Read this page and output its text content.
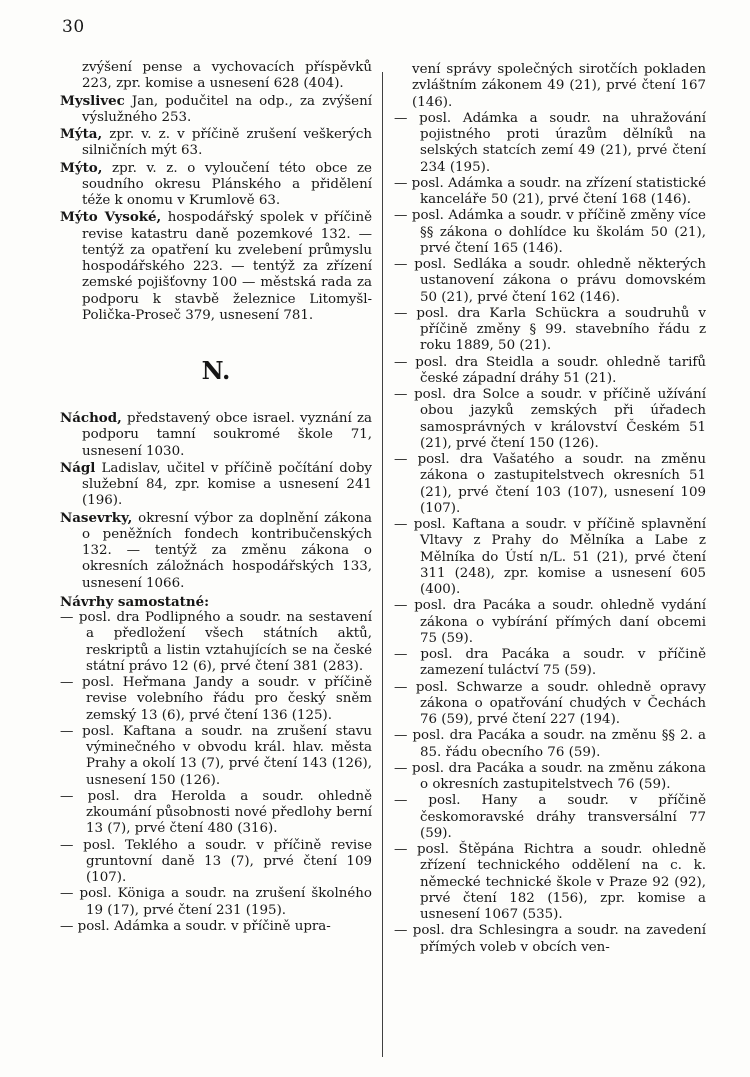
30

zvýšení pense a vychovacích příspěvků 223, zpr. komise a usnesení 628 (404).

Myslivec Jan, podučitel na odp., za zvýšení výslužného 253.

Mýta, zpr. v. z. v příčině zrušení veškerých silničních mýt 63.

Mýto, zpr. v. z. o vyloučení této obce ze soudního okresu Plánského a přidělení téže k onomu v Krumlově 63.

Mýto Vysoké, hospodářský spolek v příčině revise katastru daně pozemkové 132. — tentýž za opatření ku zvelebení průmyslu hospodářského 223. — tentýž za zřízení zemské pojišťovny 100 — městská rada za podporu k stavbě železnice Litomyšl-Polička-Proseč 379, usnesení 781.

N.

Náchod, představený obce israel. vyznání za podporu tamní soukromé škole 71, usnesení 1030.

Nágl Ladislav, učitel v příčině počítání doby služební 84, zpr. komise a usnesení 241 (196).

Nasevrky, okresní výbor za doplnění zákona o peněžních fondech kontribučenských 132. — tentýž za změnu zákona o okresních záložnách hospodářských 133, usnesení 1066.

Návrhy samostatné:

— posl. dra Podlipného a soudr. na sestavení a předložení všech státních aktů, reskriptů a listin vztahujících se na české státní právo 12 (6), prvé čtení 381 (283).

— posl. Heřmana Jandy a soudr. v příčině revise volebního řádu pro český sněm zemský 13 (6), prvé čtení 136 (125).

— posl. Kaftana a soudr. na zrušení stavu výminečného v obvodu král. hlav. města Prahy a okolí 13 (7), prvé čtení 143 (126), usnesení 150 (126).

— posl. dra Herolda a soudr. ohledně zkoumání působnosti nové předlohy berní 13 (7), prvé čtení 480 (316).

— posl. Teklého a soudr. v příčině revise gruntovní daně 13 (7), prvé čtení 109 (107).

— posl. Königa a soudr. na zrušení školného 19 (17), prvé čtení 231 (195).

— posl. Adámka a soudr. v příčině upra-

vení správy společných sirotčích pokladen zvláštním zákonem 49 (21), prvé čtení 167 (146).

— posl. Adámka a soudr. na uhražování pojistného proti úrazům dělníků na selských statcích zemí 49 (21), prvé čtení 234 (195).

— posl. Adámka a soudr. na zřízení statistické kanceláře 50 (21), prvé čtení 168 (146).

— posl. Adámka a soudr. v příčině změny více §§ zákona o dohlídce ku školám 50 (21), prvé čtení 165 (146).

— posl. Sedláka a soudr. ohledně některých ustanovení zákona o právu domovském 50 (21), prvé čtení 162 (146).

— posl. dra Karla Schückra a soudruhů v příčině změny § 99. stavebního řádu z roku 1889, 50 (21).

— posl. dra Steidla a soudr. ohledně tarifů české západní dráhy 51 (21).

— posl. dra Solce a soudr. v příčině užívání obou jazyků zemských při úřadech samosprávných v království Českém 51 (21), prvé čtení 150 (126).

— posl. dra Vašatého a soudr. na změnu zákona o zastupitelstvech okresních 51 (21), prvé čtení 103 (107), usnesení 109 (107).

— posl. Kaftana a soudr. v příčině splavnění Vltavy z Prahy do Mělníka a Labe z Mělníka do Ústí n/L. 51 (21), prvé čtení 311 (248), zpr. komise a usnesení 605 (400).

— posl. dra Pacáka a soudr. ohledně vydání zákona o vybírání přímých daní obcemi 75 (59).

— posl. dra Pacáka a soudr. v příčině zamezení tuláctví 75 (59).

— posl. Schwarze a soudr. ohledně opravy zákona o opatřování chudých v Čechách 76 (59), prvé čtení 227 (194).

— posl. dra Pacáka a soudr. na změnu §§ 2. a 85. řádu obecního 76 (59).

— posl. dra Pacáka a soudr. na změnu zákona o okresních zastupitelstvech 76 (59).

— posl. Hany a soudr. v příčině českomoravské dráhy transversální 77 (59).

— posl. Štěpána Richtra a soudr. ohledně zřízení technického oddělení na c. k. německé technické škole v Praze 92 (92), prvé čtení 182 (156), zpr. komise a usnesení 1067 (535).

— posl. dra Schlesingra a soudr. na zavedení přímých voleb v obcích ven-
